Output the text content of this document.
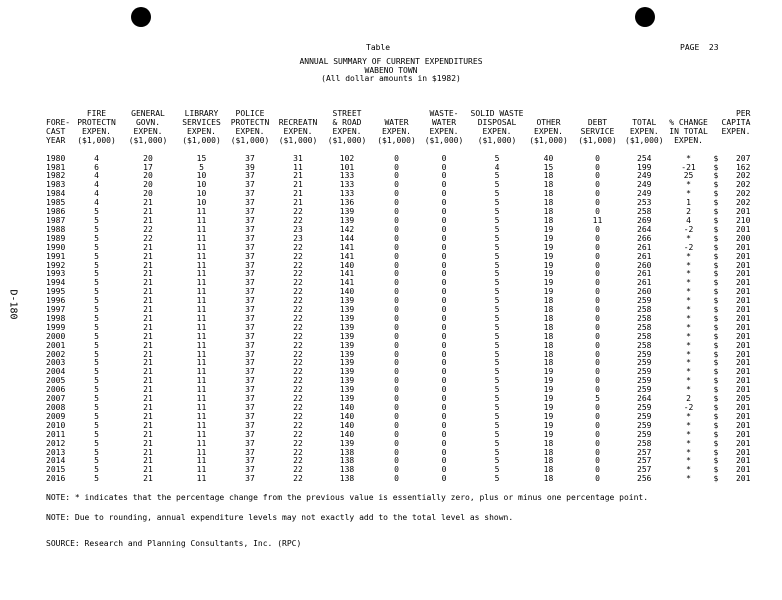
Table	PAGE  23
ANNUAL SUMMARY OF CURRENT EXPENDITURES
WABENO TOWN
(All dollar amounts in $1982)
D-180
	FIRE	GENERAL	LIBRARY	POLICE		STREET		WASTE-	SOLID WASTE						PER
FORE-	PROTECTN	GOVN.	SERVICES	PROTECTN	RECREATN	& ROAD	WATER	WATER	DISPOSAL	OTHER	DEBT	TOTAL	% CHANGE		CAPITA
CAST	EXPEN.	EXPEN.	EXPEN.	EXPEN.	EXPEN.	EXPEN.	EXPEN.	EXPEN.	EXPEN.	EXPEN.	SERVICE	EXPEN.	IN TOTAL		EXPEN.
YEAR	($1,000)	($1,000)	($1,000)	($1,000)	($1,000)	($1,000)	($1,000)	($1,000)	($1,000)	($1,000)	($1,000)	($1,000)	EXPEN.		

1980	4	20	15	37	31	102	0	0	5	40	0	254	*	$	207
1981	6	17	5	39	11	101	0	0	4	15	0	199	-21	$	162
1982	4	20	10	37	21	133	0	0	5	18	0	249	25	$	202
1983	4	20	10	37	21	133	0	0	5	18	0	249	*	$	202
1984	4	20	10	37	21	133	0	0	5	18	0	249	*	$	202
1985	4	21	10	37	21	136	0	0	5	18	0	253	1	$	202
1986	5	21	11	37	22	139	0	0	5	18	0	258	2	$	201
1987	5	21	11	37	22	139	0	0	5	18	11	269	4	$	210
1988	5	22	11	37	23	142	0	0	5	19	0	264	-2	$	201
1989	5	22	11	37	23	144	0	0	5	19	0	266	*	$	200
1990	5	21	11	37	22	141	0	0	5	19	0	261	-2	$	201
1991	5	21	11	37	22	141	0	0	5	19	0	261	*	$	201
1992	5	21	11	37	22	140	0	0	5	19	0	260	*	$	201
1993	5	21	11	37	22	141	0	0	5	19	0	261	*	$	201
1994	5	21	11	37	22	141	0	0	5	19	0	261	*	$	201
1995	5	21	11	37	22	140	0	0	5	19	0	260	*	$	201
1996	5	21	11	37	22	139	0	0	5	18	0	259	*	$	201
1997	5	21	11	37	22	139	0	0	5	18	0	258	*	$	201
1998	5	21	11	37	22	139	0	0	5	18	0	258	*	$	201
1999	5	21	11	37	22	139	0	0	5	18	0	258	*	$	201
2000	5	21	11	37	22	139	0	0	5	18	0	258	*	$	201
2001	5	21	11	37	22	139	0	0	5	18	0	258	*	$	201
2002	5	21	11	37	22	139	0	0	5	18	0	259	*	$	201
2003	5	21	11	37	22	139	0	0	5	18	0	259	*	$	201
2004	5	21	11	37	22	139	0	0	5	19	0	259	*	$	201
2005	5	21	11	37	22	139	0	0	5	19	0	259	*	$	201
2006	5	21	11	37	22	139	0	0	5	19	0	259	*	$	201
2007	5	21	11	37	22	139	0	0	5	19	5	264	2	$	205
2008	5	21	11	37	22	140	0	0	5	19	0	259	-2	$	201
2009	5	21	11	37	22	140	0	0	5	19	0	259	*	$	201
2010	5	21	11	37	22	140	0	0	5	19	0	259	*	$	201
2011	5	21	11	37	22	140	0	0	5	19	0	259	*	$	201
2012	5	21	11	37	22	139	0	0	5	18	0	258	*	$	201
2013	5	21	11	37	22	138	0	0	5	18	0	257	*	$	201
2014	5	21	11	37	22	138	0	0	5	18	0	257	*	$	201
2015	5	21	11	37	22	138	0	0	5	18	0	257	*	$	201
2016	5	21	11	37	22	138	0	0	5	18	0	256	*	$	201
NOTE: * indicates that the percentage change from the previous value is essentially zero, plus or minus one percentage point.
NOTE: Due to rounding, annual expenditure levels may not exactly add to the total level as shown.
SOURCE: Research and Planning Consultants, Inc. (RPC)
